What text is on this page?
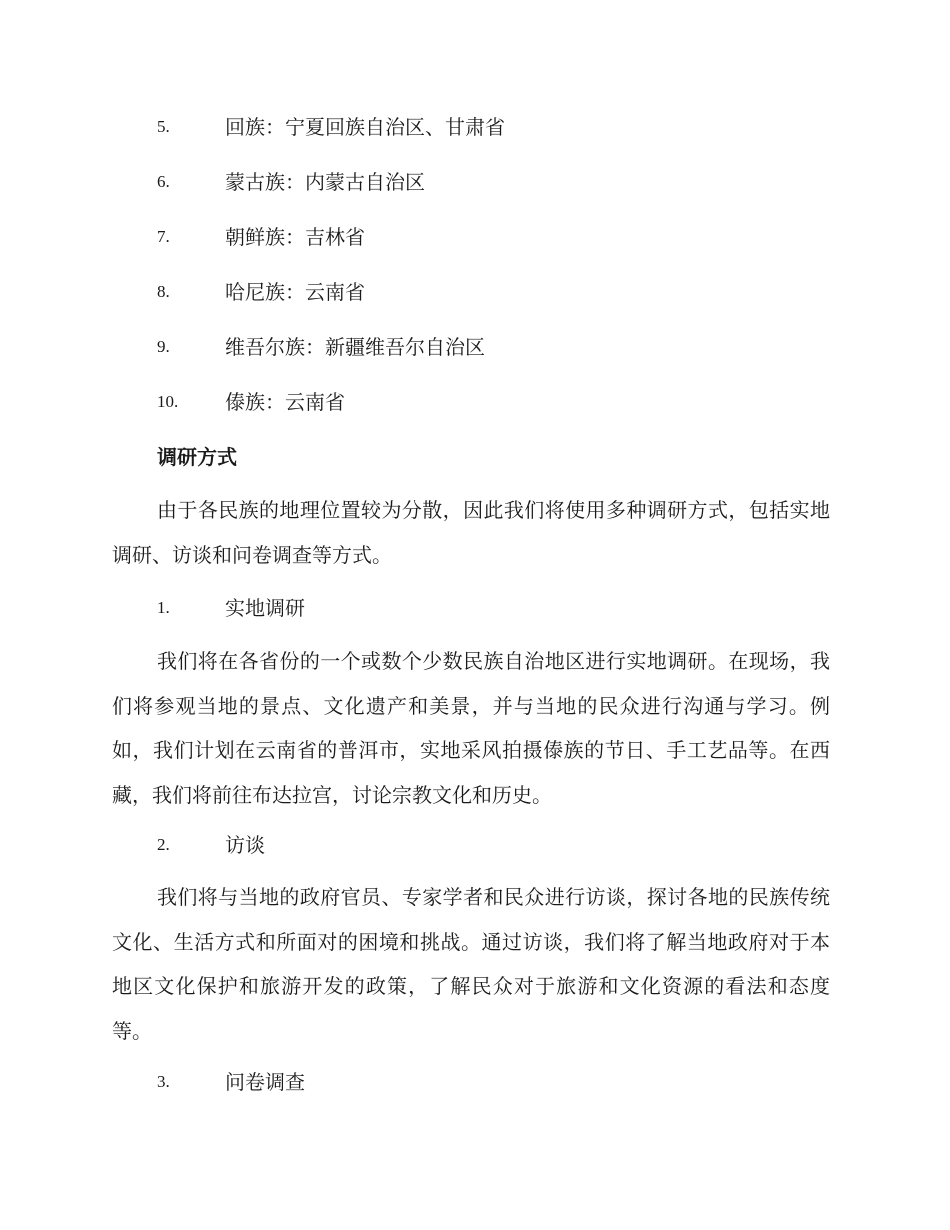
5.	回族：宁夏回族自治区、甘肃省
6.	蒙古族：内蒙古自治区
7.	朝鲜族：吉林省
8.	哈尼族：云南省
9.	维吾尔族：新疆维吾尔自治区
10. 傣族：云南省
调研方式
由于各民族的地理位置较为分散，因此我们将使用多种调研方式，包括实地调研、访谈和问卷调查等方式。
1.	实地调研
我们将在各省份的一个或数个少数民族自治地区进行实地调研。在现场，我们将参观当地的景点、文化遗产和美景，并与当地的民众进行沟通与学习。例如，我们计划在云南省的普洱市，实地采风拍摄傣族的节日、手工艺品等。在西藏，我们将前往布达拉宫，讨论宗教文化和历史。
2.	访谈
我们将与当地的政府官员、专家学者和民众进行访谈，探讨各地的民族传统文化、生活方式和所面对的困境和挑战。通过访谈，我们将了解当地政府对于本地区文化保护和旅游开发的政策，了解民众对于旅游和文化资源的看法和态度等。
3.	问卷调查
